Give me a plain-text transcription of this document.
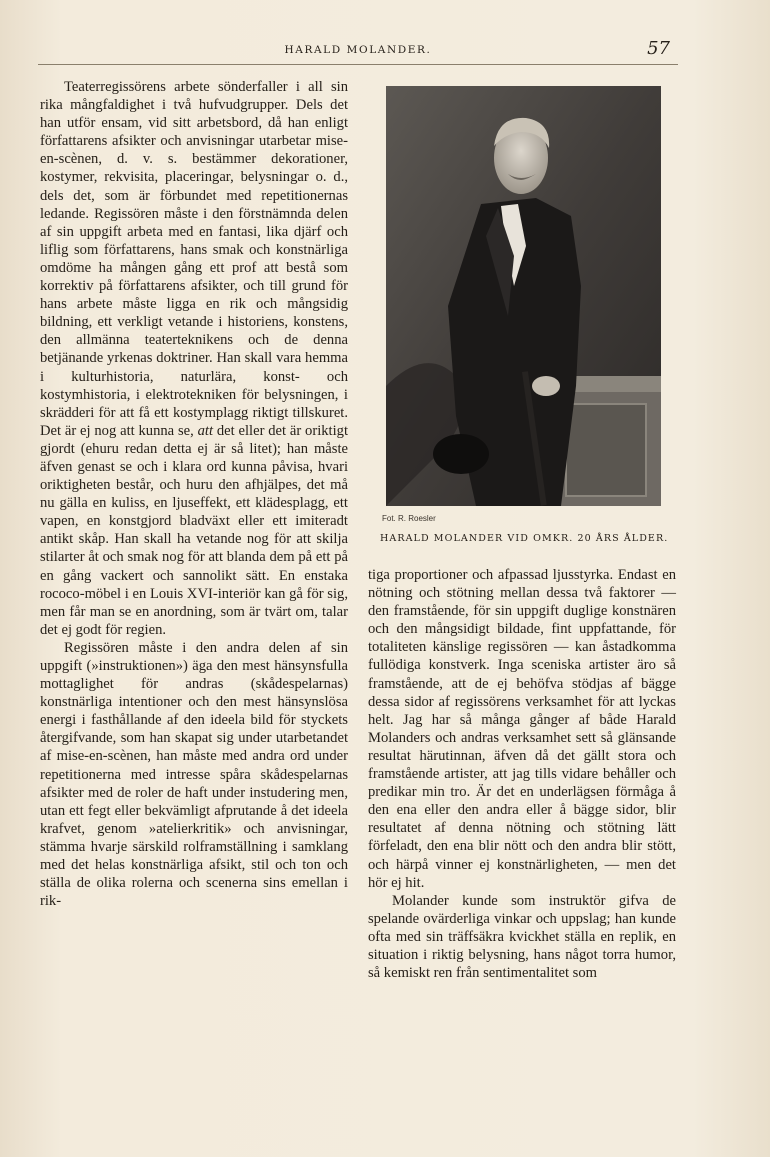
HARALD MOLANDER.	57

Teaterregissörens arbete sönderfaller i all sin rika mångfaldighet i två hufvudgrupper. Dels det han utför ensam, vid sitt arbetsbord, då han enligt författarens afsikter och anvisningar utarbetar mise-en-scènen, d. v. s. bestämmer dekorationer, kostymer, rekvisita, placeringar, belysningar o. d., dels det, som är förbundet med repetitionernas ledande. Regissören måste i den förstnämnda delen af sin uppgift arbeta med en fantasi, lika djärf och liflig som författarens, hans smak och konstnärliga omdöme ha mången gång ett prof att bestå som korrektiv på författarens afsikter, och till grund för hans arbete måste ligga en rik och mångsidig bildning, ett verkligt vetande i historiens, konstens, den allmänna teaterteknikens och de denna betjänande yrkenas doktriner. Han skall vara hemma i kulturhistoria, naturlära, konst- och kostymhistoria, i elektrotekniken för belysningen, i skrädderi för att få ett kostymplagg riktigt tillskuret. Det är ej nog att kunna se, att det eller det är oriktigt gjordt (ehuru redan detta ej är så litet); han måste äfven genast se och i klara ord kunna påvisa, hvari oriktigheten består, och huru den afhjälpes, det må nu gälla en kuliss, en ljuseffekt, ett klädesplagg, ett vapen, en konstgjord bladväxt eller ett imiteradt antikt skåp. Han skall ha vetande nog för att skilja stilarter åt och smak nog för att blanda dem på ett på en gång vackert och sannolikt sätt. En enstaka rococo-möbel i en Louis XVI-interiör kan gå för sig, men får man se en anordning, som är tvärt om, talar det ej godt för regien.

Regissören måste i den andra delen af sin uppgift (»instruktionen») äga den mest hänsynsfulla mottaglighet för andras (skådespelarnas) konstnärliga intentioner och den mest hänsynslösa energi i fasthållande af den ideela bild för styckets återgifvande, som han skapat sig under utarbetandet af mise-en-scènen, han måste med andra ord under repetitionerna med intresse spåra skådespelarnas afsikter med de roler de haft under instudering men, utan ett fegt eller bekvämligt afprutande å det ideela krafvet, genom »atelierkritik» och anvisningar, stämma hvarje särskild rolframställning i samklang med det helas konstnärliga afsikt, stil och ton och ställa de olika rolerna och scenerna sins emellan i rik-

Fot. R. Roesler
HARALD MOLANDER VID OMKR. 20 ÅRS ÅLDER.

tiga proportioner och afpassad ljusstyrka. Endast en nötning och stötning mellan dessa två faktorer — den framstående, för sin uppgift duglige konstnären och den mångsidigt bildade, fint uppfattande, för totaliteten känslige regissören — kan åstadkomma fullödiga konstverk. Inga sceniska artister äro så framstående, att de ej behöfva stödjas af bägge dessa sidor af regissörens verksamhet för att lyckas helt. Jag har så många gånger af både Harald Molanders och andras verksamhet sett så glänsande resultat härutinnan, äfven då det gällt stora och framstående artister, att jag tills vidare behåller och predikar min tro. Är det en underlägsen förmåga å den ena eller den andra eller å bägge sidor, blir resultatet af denna nötning och stötning lätt förfeladt, den ena blir nött och den andra blir stött, och härpå vinner ej konstnärligheten, — men det hör ej hit.

Molander kunde som instruktör gifva de spelande ovärderliga vinkar och uppslag; han kunde ofta med sin träffsäkra kvickhet ställa en replik, en situation i riktig belysning, hans något torra humor, så kemiskt ren från sentimentalitet som
